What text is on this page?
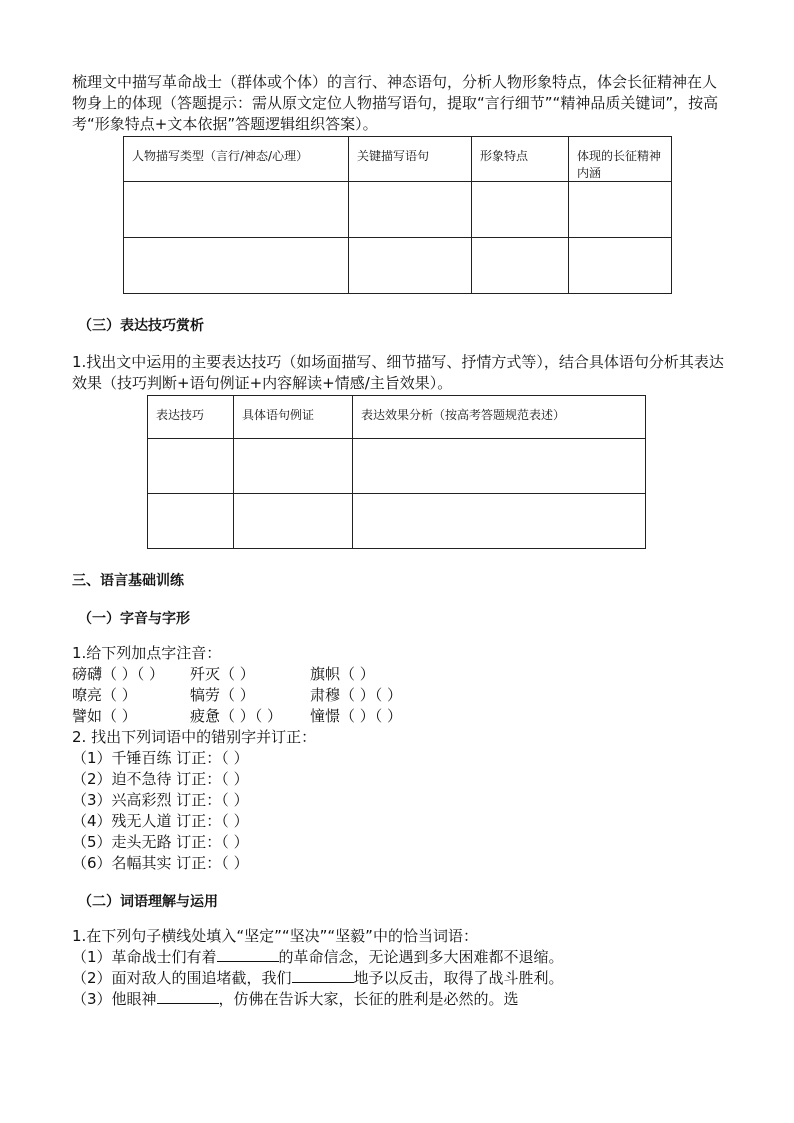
梳理文中描写革命战士（群体或个体）的言行、神态语句，分析人物形象特点，体会长征精神在人物身上的体现（答题提示：需从原文定位人物描写语句，提取“言行细节”“精神品质关键词”，按高考“形象特点+文本依据”答题逻辑组织答案）。

人物描写类型（言行/神态/心理）	关键描写语句	形象特点	体现的长征精神内涵

（三）表达技巧赏析

1.找出文中运用的主要表达技巧（如场面描写、细节描写、抒情方式等），结合具体语句分析其表达效果（技巧判断+语句例证+内容解读+情感/主旨效果）。

表达技巧	具体语句例证	表达效果分析（按高考答题规范表述）

三、语言基础训练

（一）字音与字形

1.给下列加点字注音：

磅礴（ ）（ ）	歼灭（ ）	旗帜（ ）
嘹亮（ ）	犒劳（ ）	肃穆（ ）（ ）
譬如（ ）	疲惫（ ）（ ）	憧憬（ ）（ ）

2. 找出下列词语中的错别字并订正：

（1）千锤百练 订正：（ ）

（2）迫不急待 订正：（ ）

（3）兴高彩烈 订正：（ ）

（4）残无人道 订正：（ ）

（5）走头无路 订正：（ ）

（6）名幅其实 订正：（ ）

（二）词语理解与运用

1.在下列句子横线处填入“坚定”“坚决”“坚毅”中的恰当词语：

（1）革命战士们有着	的革命信念，无论遇到多大困难都不退缩。

（2）面对敌人的围追堵截，我们	地予以反击，取得了战斗胜利。

（3）他眼神	，仿佛在告诉大家，长征的胜利是必然的。选
